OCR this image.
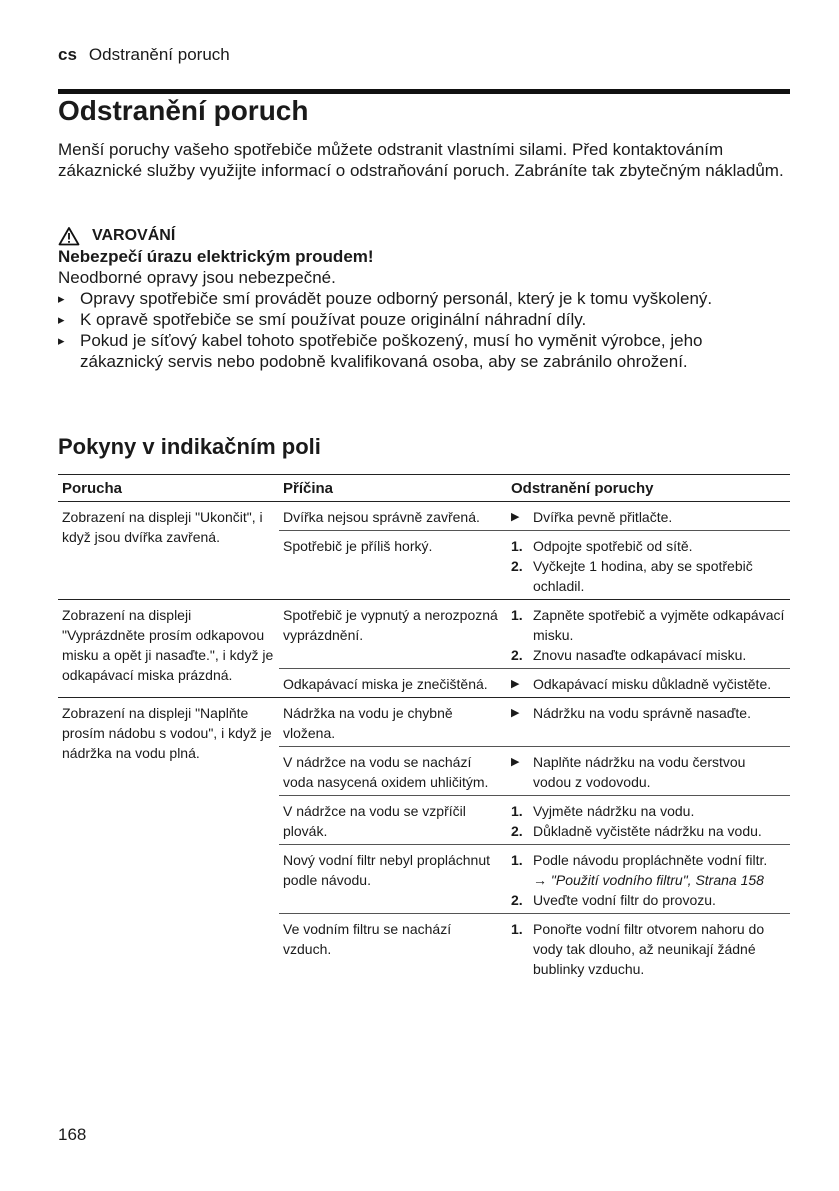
cs Odstranění poruch
Odstranění poruch

Menší poruchy vašeho spotřebiče můžete odstranit vlastními silami. Před kontaktováním zákaznické služby využijte informací o odstraňování poruch. Zabráníte tak zbytečným nákladům.

VAROVÁNÍ
Nebezpečí úrazu elektrickým proudem!
Neodborné opravy jsou nebezpečné.
▸ Opravy spotřebiče smí provádět pouze odborný personál, který je k tomu vyškolený.
▸ K opravě spotřebiče se smí používat pouze originální náhradní díly.
▸ Pokud je síťový kabel tohoto spotřebiče poškozený, musí ho vyměnit výrobce, jeho zákaznický servis nebo podobně kvalifikovaná osoba, aby se zabránilo ohrožení.
Pokyny v indikačním poli
Porucha	Příčina	Odstranění poruchy
Zobrazení na displeji "Ukončit", i když jsou dvířka zavřená.	Dvířka nejsou správně zavřená.	▶ Dvířka pevně přitlačte.

	Spotřebič je příliš horký.	1. Odpojte spotřebič od sítě.
2. Vyčkejte 1 hodina, aby se spotřebič ochladil.

Zobrazení na displeji "Vyprázdněte prosím odkapovou misku a opět ji nasaďte.", i když je odkapávací miska prázdná.	Spotřebič je vypnutý a nerozpozná vyprázdnění.	1. Zapněte spotřebič a vyjměte odkapávací misku.
2. Znovu nasaďte odkapávací misku.

	Odkapávací miska je znečištěná.	▶ Odkapávací misku důkladně vyčistěte.

Zobrazení na displeji "Naplňte prosím nádobu s vodou", i když je nádržka na vodu plná.	Nádržka na vodu je chybně vložena.	▶ Nádržku na vodu správně nasaďte.

	V nádržce na vodu se nachází voda nasycená oxidem uhličitým.	▶ Naplňte nádržku na vodu čerstvou vodou z vodovodu.

	V nádržce na vodu se vzpříčil plovák.	1. Vyjměte nádržku na vodu.
2. Důkladně vyčistěte nádržku na vodu.

	Nový vodní filtr nebyl propláchnut podle návodu.	1. Podle návodu propláchněte vodní filtr.
→ "Použití vodního filtru", Strana 158
2. Uveďte vodní filtr do provozu.

	Ve vodním filtru se nachází vzduch.	1. Ponořte vodní filtr otvorem nahoru do vody tak dlouho, až neunikají žádné bublinky vzduchu.
168
